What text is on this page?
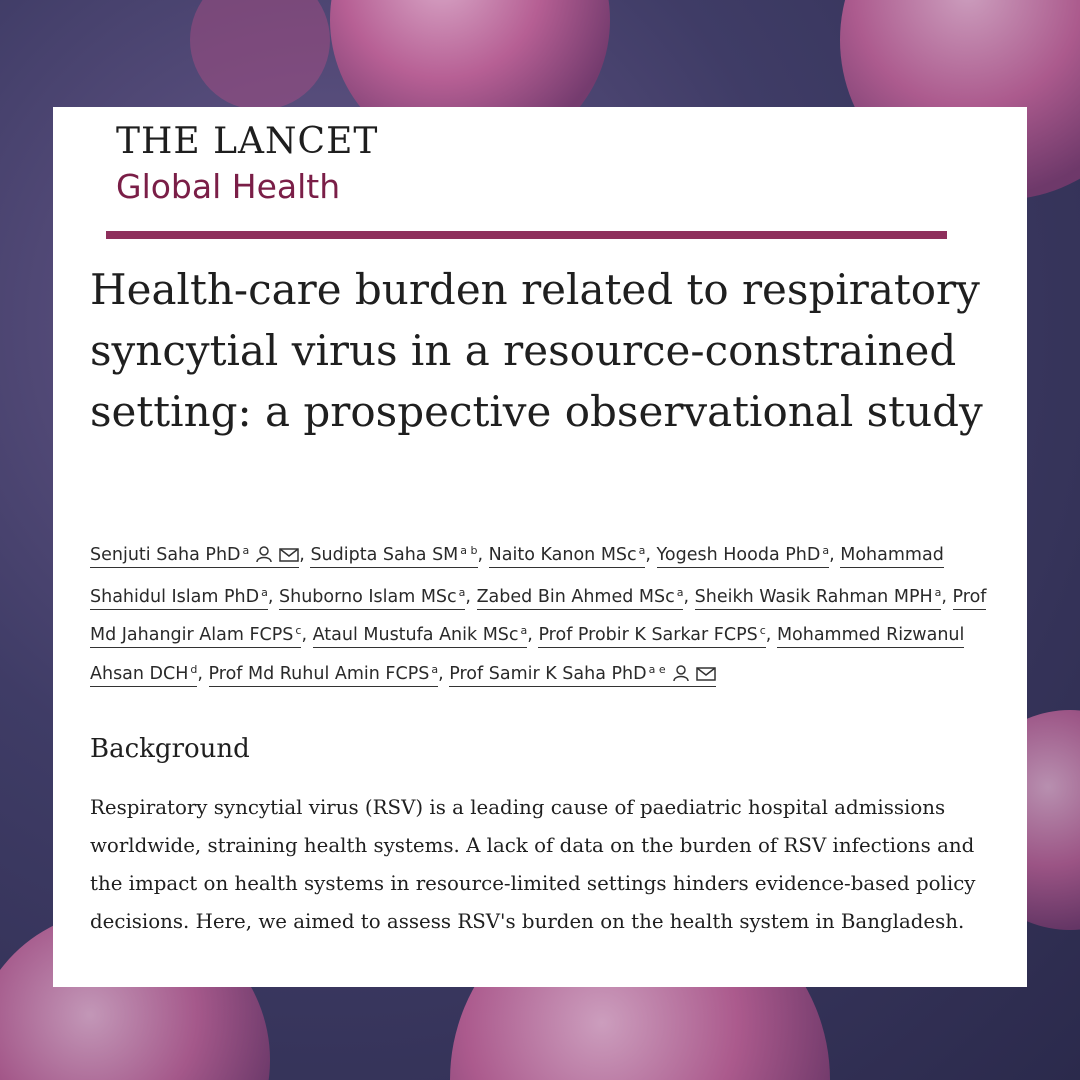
THE LANCET
Global Health
Health-care burden related to respiratory syncytial virus in a resource-constrained setting: a prospective observational study
Senjuti Saha PhD $^a$	, Sudipta Saha SM $^{a b}$, Naito Kanon MSc $^a$, Yogesh Hooda PhD $^a$, Mohammad Shahidul Islam PhD $^a$, Shuborno Islam MSc $^a$, Zabed Bin Ahmed MSc $^a$, Sheikh Wasik Rahman MPH $^a$, Prof Md Jahangir Alam FCPS $^c$, Ataul Mustufa Anik MSc $^a$, Prof Probir K Sarkar FCPS $^c$, Mohammed Rizwanul Ahsan DCH $^d$, Prof Md Ruhul Amin FCPS $^a$, Prof Samir K Saha PhD $^{a e}$
Background

Respiratory syncytial virus (RSV) is a leading cause of paediatric hospital admissions worldwide, straining health systems. A lack of data on the burden of RSV infections and the impact on health systems in resource-limited settings hinders evidence-based policy decisions. Here, we aimed to assess RSV's burden on the health system in Bangladesh.
